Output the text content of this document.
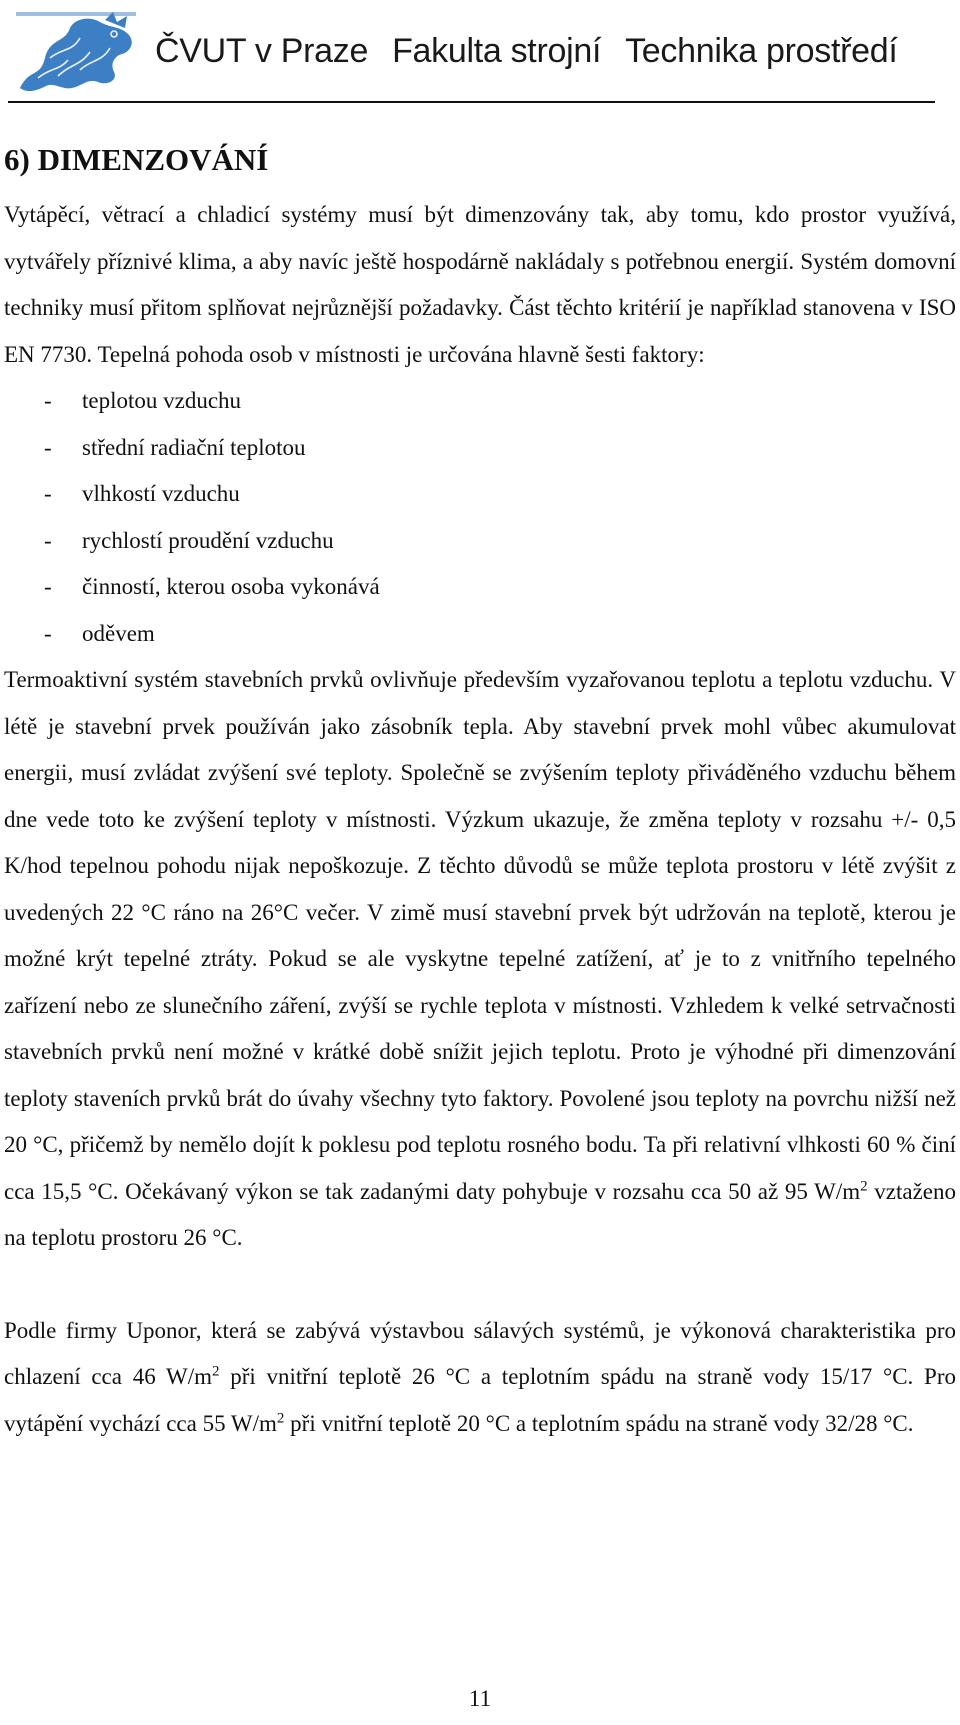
ČVUT v Praze Fakulta strojní Technika prostředí
6) DIMENZOVÁNÍ

Vytápěcí, větrací a chladicí systémy musí být dimenzovány tak, aby tomu, kdo prostor využívá, vytvářely příznivé klima, a aby navíc ještě hospodárně nakládaly s potřebnou energií. Systém domovní techniky musí přitom splňovat nejrůznější požadavky. Část těchto kritérií je například stanovena v ISO EN 7730. Tepelná pohoda osob v místnosti je určována hlavně šesti faktory:

- teplotou vzduchu
- střední radiační teplotou
- vlhkostí vzduchu
- rychlostí proudění vzduchu
- činností, kterou osoba vykonává
- oděvem

Termoaktivní systém stavebních prvků ovlivňuje především vyzařovanou teplotu a teplotu vzduchu. V létě je stavební prvek používán jako zásobník tepla. Aby stavební prvek mohl vůbec akumulovat energii, musí zvládat zvýšení své teploty. Společně se zvýšením teploty přiváděného vzduchu během dne vede toto ke zvýšení teploty v místnosti. Výzkum ukazuje, že změna teploty v rozsahu +/- 0,5 K/hod tepelnou pohodu nijak nepoškozuje. Z těchto důvodů se může teplota prostoru v létě zvýšit z uvedených 22 °C ráno na 26°C večer. V zimě musí stavební prvek být udržován na teplotě, kterou je možné krýt tepelné ztráty. Pokud se ale vyskytne tepelné zatížení, ať je to z vnitřního tepelného zařízení nebo ze slunečního záření, zvýší se rychle teplota v místnosti. Vzhledem k velké setrvačnosti stavebních prvků není možné v krátké době snížit jejich teplotu. Proto je výhodné při dimenzování teploty staveních prvků brát do úvahy všechny tyto faktory. Povolené jsou teploty na povrchu nižší než 20 °C, přičemž by nemělo dojít k poklesu pod teplotu rosného bodu. Ta při relativní vlhkosti 60 % činí cca 15,5 °C. Očekávaný výkon se tak zadanými daty pohybuje v rozsahu cca 50 až 95 $W/m^2$ vztaženo na teplotu prostoru 26 °C.

Podle firmy Uponor, která se zabývá výstavbou sálavých systémů, je výkonová charakteristika pro chlazení cca 46 $W/m^2$ při vnitřní teplotě 26 °C a teplotním spádu na straně vody 15/17 °C. Pro vytápění vychází cca 55 $W/m^2$ při vnitřní teplotě 20 °C a teplotním spádu na straně vody 32/28 °C.

11
